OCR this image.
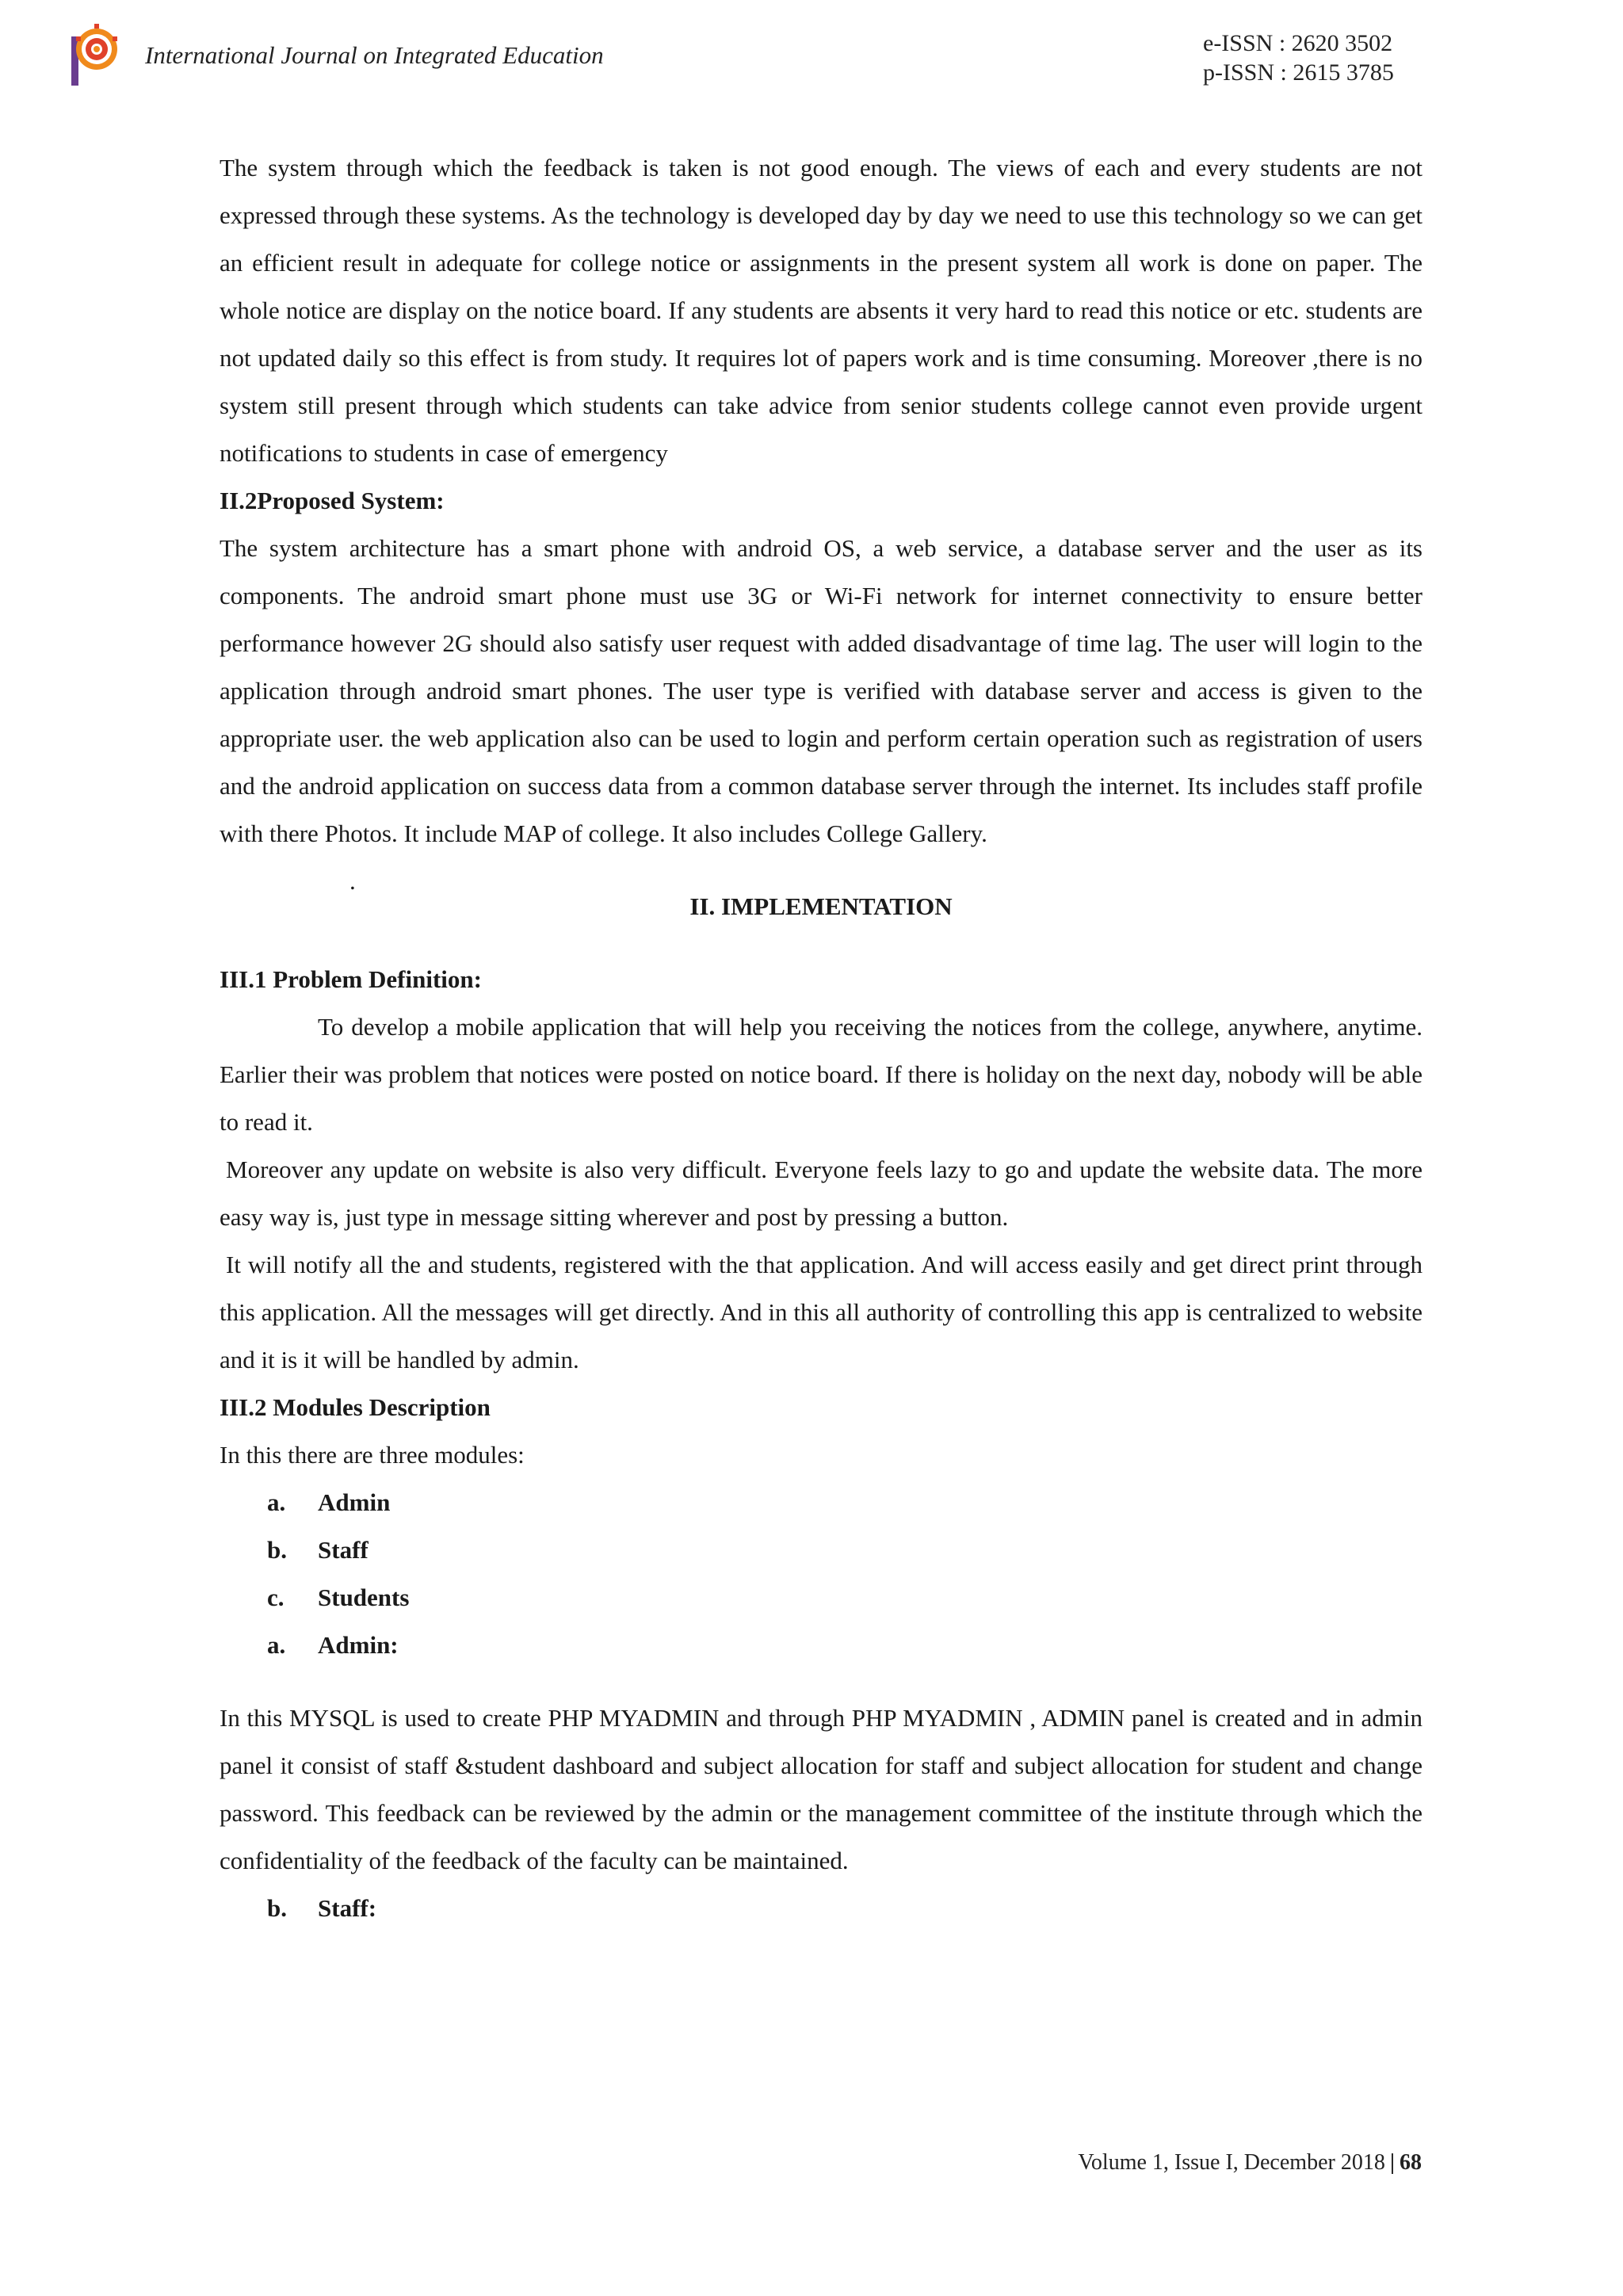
International Journal on Integrated Education	e-ISSN : 2620 3502
p-ISSN : 2615 3785

The system through which the feedback is taken is not good enough. The views of each and every students are not expressed through these systems. As the technology is developed day by day we need to use this technology so we can get an efficient result in adequate for college notice or assignments in the present system all work is done on paper. The whole notice are display on the notice board. If any students are absents it very hard to read this notice or etc. students are not updated daily so this effect is from study. It requires lot of papers work and is time consuming. Moreover ,there is no system still present through which students can take advice from senior students college cannot even provide urgent notifications to students in case of emergency

II.2Proposed System:

The system architecture has a smart phone with android OS, a web service, a database server and the user as its components. The android smart phone must use 3G or Wi-Fi network for internet connectivity to ensure better performance however 2G should also satisfy user request with added disadvantage of time lag. The user will login to the application through android smart phones. The user type is verified with database server and access is given to the appropriate user. the web application also can be used to login and perform certain operation such as registration of users and the android application on success data from a common database server through the internet. Its includes staff profile with there Photos. It include MAP of college. It also includes College Gallery.

.

II. IMPLEMENTATION

III.1 Problem Definition:

To develop a mobile application that will help you receiving the notices from the college, anywhere, anytime. Earlier their was problem that notices were posted on notice board. If there is holiday on the next day, nobody will be able to read it.

Moreover any update on website is also very difficult. Everyone feels lazy to go and update the website data. The more easy way is, just type in message sitting wherever and post by pressing a button.

It will notify all the and students, registered with the that application. And will access easily and get direct print through this application. All the messages will get directly. And in this all authority of controlling this app is centralized to website and it is it will be handled by admin.

III.2 Modules Description

In this there are three modules:

a.	Admin
b.	Staff
c.	Students
a.	Admin:

In this MYSQL is used to create PHP MYADMIN and through PHP MYADMIN , ADMIN panel is created and in admin panel it consist of staff &student dashboard and subject allocation for staff and subject allocation for student and change password. This feedback can be reviewed by the admin or the management committee of the institute through which the confidentiality of the feedback of the faculty can be maintained.

b.	Staff:
Volume 1, Issue I, December 2018 | 68
